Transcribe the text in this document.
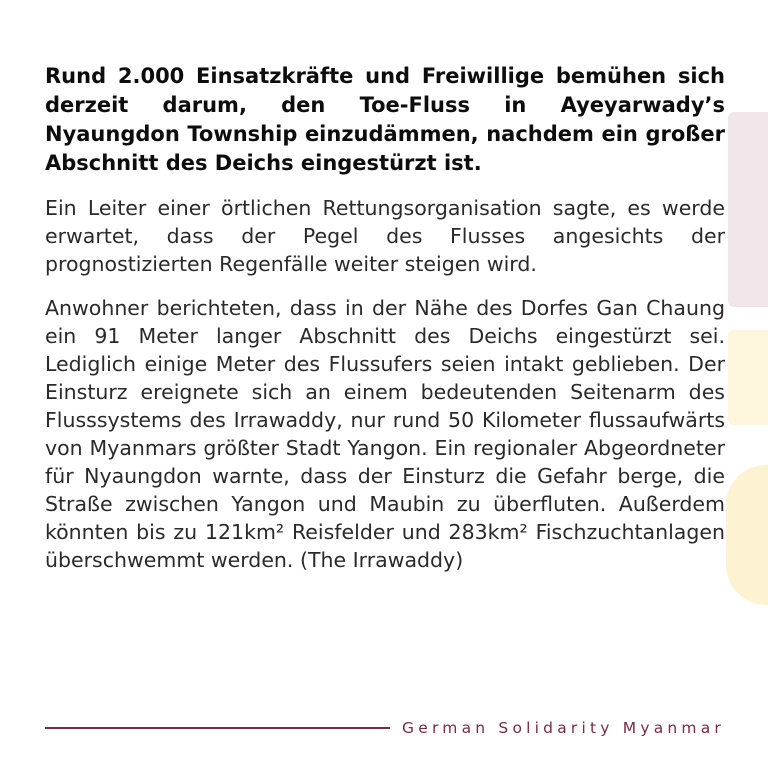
Rund 2.000 Einsatzkräfte und Freiwillige bemühen sich derzeit darum, den Toe-Fluss in Ayeyarwady’s Nyaungdon Township einzudämmen, nachdem ein großer Abschnitt des Deichs eingestürzt ist.

Ein Leiter einer örtlichen Rettungsorganisation sagte, es werde erwartet, dass der Pegel des Flusses angesichts der prognostizierten Regenfälle weiter steigen wird.

Anwohner berichteten, dass in der Nähe des Dorfes Gan Chaung ein 91 Meter langer Abschnitt des Deichs eingestürzt sei. Lediglich einige Meter des Flussufers seien intakt geblieben. Der Einsturz ereignete sich an einem bedeutenden Seitenarm des Flusssystems des Irrawaddy, nur rund 50 Kilometer flussaufwärts von Myanmars größter Stadt Yangon. Ein regionaler Abgeordneter für Nyaungdon warnte, dass der Einsturz die Gefahr berge, die Straße zwischen Yangon und Maubin zu überfluten. Außerdem könnten bis zu 121km² Reisfelder und 283km² Fischzuchtanlagen überschwemmt werden. (The Irrawaddy)

German Solidarity Myanmar
